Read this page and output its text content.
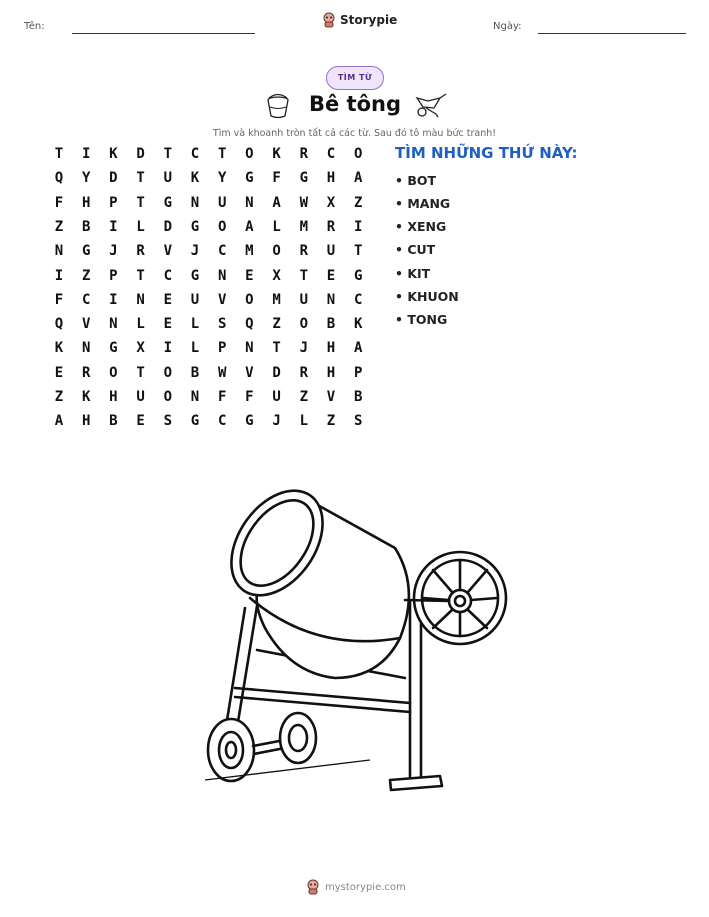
Tên:	Storypie	Ngày:
TÌM TỪ
Bê tông
Tìm và khoanh tròn tất cả các từ. Sau đó tô màu bức tranh!
T	I	K	D	T	C	T	O	K	R	C	O
Q	Y	D	T	U	K	Y	G	F	G	H	A
F	H	P	T	G	N	U	N	A	W	X	Z
Z	B	I	L	D	G	O	A	L	M	R	I
N	G	J	R	V	J	C	M	O	R	U	T
I	Z	P	T	C	G	N	E	X	T	E	G
F	C	I	N	E	U	V	O	M	U	N	C
Q	V	N	L	E	L	S	Q	Z	O	B	K
K	N	G	X	I	L	P	N	T	J	H	A
E	R	O	T	O	B	W	V	D	R	H	P
Z	K	H	U	O	N	F	F	U	Z	V	B
A	H	B	E	S	G	C	G	J	L	Z	S
TÌM NHỮNG THỨ NÀY:
• BOT
• MANG
• XENG
• CUT
• KIT
• KHUON
• TONG
mystorypie.com
